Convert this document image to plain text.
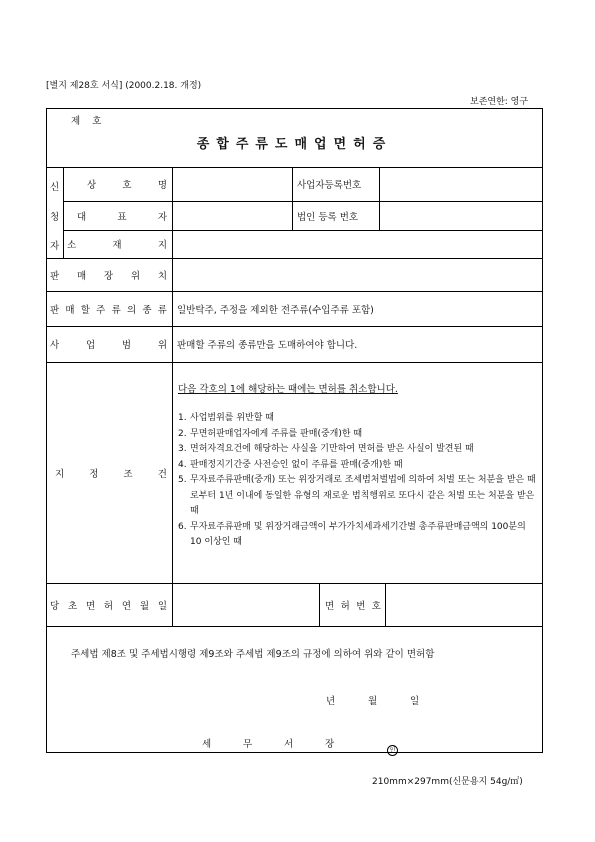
[별지 제28호 서식] (2000.2.18. 개정)
보존연한: 영구
제    호
종합주류도매업면허증
신
청
자
상	호	명	사업자등록번호
대	표	자	법인 등록 번호
소	재	지
판 매 장 위 치
판 매 할 주 류 의 종 류 일반탁주, 주정을 제외한 전주류(수입주류 포함)
사	업	범	위 판매할 주류의 종류만을 도매하여야 합니다.
지	정	조	건
다음 각호의 1에 해당하는 때에는 면허를 취소합니다.
1. 사업범위를 위반할 때
2. 무면허판매업자에게 주류를 판매(중개)한 때
3. 면허자격요건에 해당하는 사실을 기만하여 면허를 받은 사실이 발견된 때
4. 판매정지기간중 사전승인 없이 주류를 판매(중개)한 때
5. 무자료주류판매(중개) 또는 위장거래로 조세범처벌법에 의하여 처벌 또는 처분을 받은 때로부터 1년 이내에 동일한 유형의 재로운 범칙행위로 또다시 같은 처벌 또는 처분을 받은 때
6. 무자료주류판매 및 위장거래금액이 부가가치세과세기간별 총주류판매금액의 100분의 10 이상인 때
당 초 면 허 연 월 일	면 허 번 호
주세법 제8조 및 주세법시행령 제9조와 주세법 제9조의 규정에 의하여 위와 같이 면허함
년	월	일
세	무	서	장
인
210mm×297mm(신문용지 54g/㎡)
